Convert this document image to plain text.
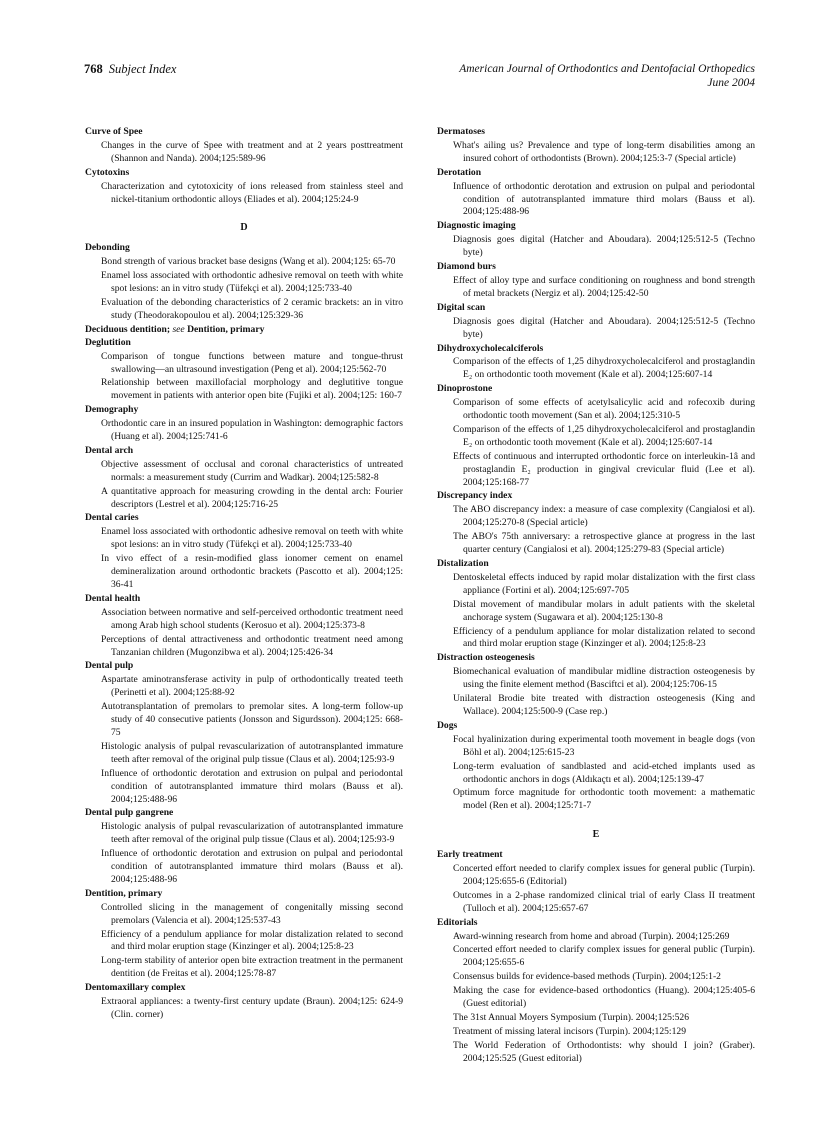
768 Subject Index	American Journal of Orthodontics and Dentofacial Orthopedics
June 2004
Curve of Spee
Changes in the curve of Spee with treatment and at 2 years posttreatment (Shannon and Nanda). 2004;125:589-96
Cytotoxins
Characterization and cytotoxicity of ions released from stainless steel and nickel-titanium orthodontic alloys (Eliades et al). 2004;125:24-9
D
Debonding
Bond strength of various bracket base designs (Wang et al). 2004;125: 65-70
Enamel loss associated with orthodontic adhesive removal on teeth with white spot lesions: an in vitro study (Tüfekçi et al). 2004;125:733-40
Evaluation of the debonding characteristics of 2 ceramic brackets: an in vitro study (Theodorakopoulou et al). 2004;125:329-36
Deciduous dentition; see Dentition, primary
Deglutition
Comparison of tongue functions between mature and tongue-thrust swallowing—an ultrasound investigation (Peng et al). 2004;125:562-70
Relationship between maxillofacial morphology and deglutitive tongue movement in patients with anterior open bite (Fujiki et al). 2004;125: 160-7
Demography
Orthodontic care in an insured population in Washington: demographic factors (Huang et al). 2004;125:741-6
Dental arch
Objective assessment of occlusal and coronal characteristics of untreated normals: a measurement study (Currim and Wadkar). 2004;125:582-8
A quantitative approach for measuring crowding in the dental arch: Fourier descriptors (Lestrel et al). 2004;125:716-25
Dental caries
Enamel loss associated with orthodontic adhesive removal on teeth with white spot lesions: an in vitro study (Tüfekçi et al). 2004;125:733-40
In vivo effect of a resin-modified glass ionomer cement on enamel demineralization around orthodontic brackets (Pascotto et al). 2004;125: 36-41
Dental health
Association between normative and self-perceived orthodontic treatment need among Arab high school students (Kerosuo et al). 2004;125:373-8
Perceptions of dental attractiveness and orthodontic treatment need among Tanzanian children (Mugonzibwa et al). 2004;125:426-34
Dental pulp
Aspartate aminotransferase activity in pulp of orthodontically treated teeth (Perinetti et al). 2004;125:88-92
Autotransplantation of premolars to premolar sites. A long-term follow-up study of 40 consecutive patients (Jonsson and Sigurdsson). 2004;125: 668-75
Histologic analysis of pulpal revascularization of autotransplanted immature teeth after removal of the original pulp tissue (Claus et al). 2004;125:93-9
Influence of orthodontic derotation and extrusion on pulpal and periodontal condition of autotransplanted immature third molars (Bauss et al). 2004;125:488-96
Dental pulp gangrene
Histologic analysis of pulpal revascularization of autotransplanted immature teeth after removal of the original pulp tissue (Claus et al). 2004;125:93-9
Influence of orthodontic derotation and extrusion on pulpal and periodontal condition of autotransplanted immature third molars (Bauss et al). 2004;125:488-96
Dentition, primary
Controlled slicing in the management of congenitally missing second premolars (Valencia et al). 2004;125:537-43
Efficiency of a pendulum appliance for molar distalization related to second and third molar eruption stage (Kinzinger et al). 2004;125:8-23
Long-term stability of anterior open bite extraction treatment in the permanent dentition (de Freitas et al). 2004;125:78-87
Dentomaxillary complex
Extraoral appliances: a twenty-first century update (Braun). 2004;125: 624-9 (Clin. corner)
Dermatoses
What's ailing us? Prevalence and type of long-term disabilities among an insured cohort of orthodontists (Brown). 2004;125:3-7 (Special article)
Derotation
Influence of orthodontic derotation and extrusion on pulpal and periodontal condition of autotransplanted immature third molars (Bauss et al). 2004;125:488-96
Diagnostic imaging
Diagnosis goes digital (Hatcher and Aboudara). 2004;125:512-5 (Techno byte)
Diamond burs
Effect of alloy type and surface conditioning on roughness and bond strength of metal brackets (Nergiz et al). 2004;125:42-50
Digital scan
Diagnosis goes digital (Hatcher and Aboudara). 2004;125:512-5 (Techno byte)
Dihydroxycholecalciferols
Comparison of the effects of 1,25 dihydroxycholecalciferol and prostaglandin E₂ on orthodontic tooth movement (Kale et al). 2004;125:607-14
Dinoprostone
Comparison of some effects of acetylsalicylic acid and rofecoxib during orthodontic tooth movement (San et al). 2004;125:310-5
Comparison of the effects of 1,25 dihydroxycholecalciferol and prostaglandin E₂ on orthodontic tooth movement (Kale et al). 2004;125:607-14
Effects of continuous and interrupted orthodontic force on interleukin-1â and prostaglandin E₂ production in gingival crevicular fluid (Lee et al). 2004;125:168-77
Discrepancy index
The ABO discrepancy index: a measure of case complexity (Cangialosi et al). 2004;125:270-8 (Special article)
The ABO's 75th anniversary: a retrospective glance at progress in the last quarter century (Cangialosi et al). 2004;125:279-83 (Special article)
Distalization
Dentoskeletal effects induced by rapid molar distalization with the first class appliance (Fortini et al). 2004;125:697-705
Distal movement of mandibular molars in adult patients with the skeletal anchorage system (Sugawara et al). 2004;125:130-8
Efficiency of a pendulum appliance for molar distalization related to second and third molar eruption stage (Kinzinger et al). 2004;125:8-23
Distraction osteogenesis
Biomechanical evaluation of mandibular midline distraction osteogenesis by using the finite element method (Basciftci et al). 2004;125:706-15
Unilateral Brodie bite treated with distraction osteogenesis (King and Wallace). 2004;125:500-9 (Case rep.)
Dogs
Focal hyalinization during experimental tooth movement in beagle dogs (von Böhl et al). 2004;125:615-23
Long-term evaluation of sandblasted and acid-etched implants used as orthodontic anchors in dogs (Aldıkaçtı et al). 2004;125:139-47
Optimum force magnitude for orthodontic tooth movement: a mathematic model (Ren et al). 2004;125:71-7
E
Early treatment
Concerted effort needed to clarify complex issues for general public (Turpin). 2004;125:655-6 (Editorial)
Outcomes in a 2-phase randomized clinical trial of early Class II treatment (Tulloch et al). 2004;125:657-67
Editorials
Award-winning research from home and abroad (Turpin). 2004;125:269
Concerted effort needed to clarify complex issues for general public (Turpin). 2004;125:655-6
Consensus builds for evidence-based methods (Turpin). 2004;125:1-2
Making the case for evidence-based orthodontics (Huang). 2004;125:405-6 (Guest editorial)
The 31st Annual Moyers Symposium (Turpin). 2004;125:526
Treatment of missing lateral incisors (Turpin). 2004;125:129
The World Federation of Orthodontists: why should I join? (Graber). 2004;125:525 (Guest editorial)
